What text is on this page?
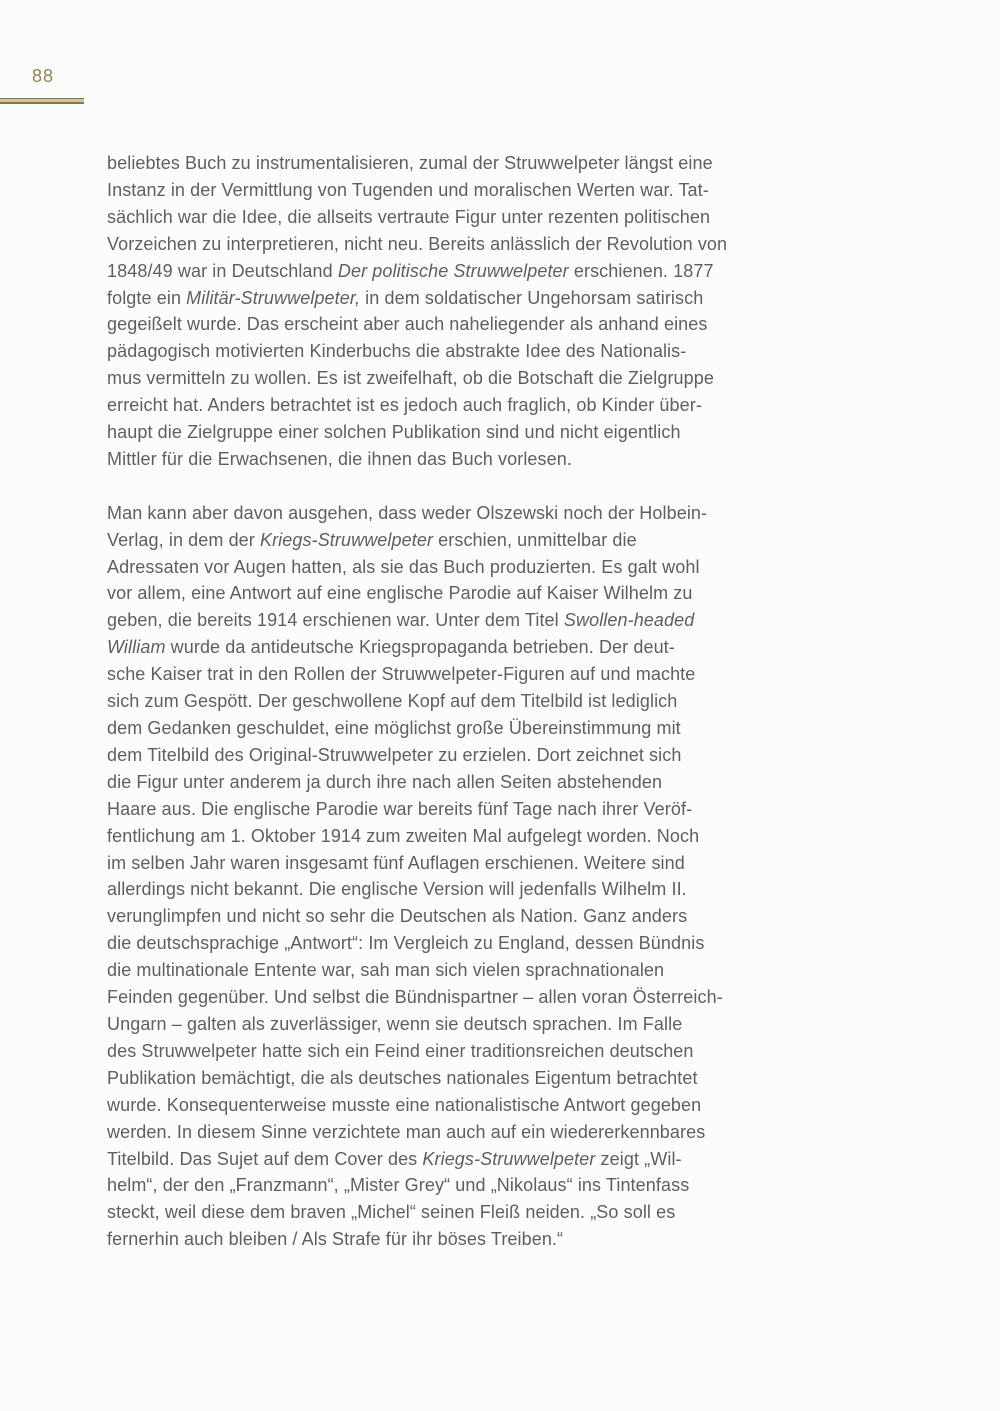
88
beliebtes Buch zu instrumentalisieren, zumal der Struwwelpeter längst eine
Instanz in der Vermittlung von Tugenden und moralischen Werten war. Tat-
sächlich war die Idee, die allseits vertraute Figur unter rezenten politischen
Vorzeichen zu interpretieren, nicht neu. Bereits anlässlich der Revolution von
1848/49 war in Deutschland Der politische Struwwelpeter erschienen. 1877
folgte ein Militär-Struwwelpeter, in dem soldatischer Ungehorsam satirisch
gegeißelt wurde. Das erscheint aber auch naheliegender als anhand eines
pädagogisch motivierten Kinderbuchs die abstrakte Idee des Nationalis-
mus vermitteln zu wollen. Es ist zweifelhaft, ob die Botschaft die Zielgruppe
erreicht hat. Anders betrachtet ist es jedoch auch fraglich, ob Kinder über-
haupt die Zielgruppe einer solchen Publikation sind und nicht eigentlich
Mittler für die Erwachsenen, die ihnen das Buch vorlesen.
Man kann aber davon ausgehen, dass weder Olszewski noch der Holbein-
Verlag, in dem der Kriegs-Struwwelpeter erschien, unmittelbar die
Adressaten vor Augen hatten, als sie das Buch produzierten. Es galt wohl
vor allem, eine Antwort auf eine englische Parodie auf Kaiser Wilhelm zu
geben, die bereits 1914 erschienen war. Unter dem Titel Swollen-headed
William wurde da antideutsche Kriegspropaganda betrieben. Der deut-
sche Kaiser trat in den Rollen der Struwwelpeter-Figuren auf und machte
sich zum Gespött. Der geschwollene Kopf auf dem Titelbild ist lediglich
dem Gedanken geschuldet, eine möglichst große Übereinstimmung mit
dem Titelbild des Original-Struwwelpeter zu erzielen. Dort zeichnet sich
die Figur unter anderem ja durch ihre nach allen Seiten abstehenden
Haare aus. Die englische Parodie war bereits fünf Tage nach ihrer Veröf-
fentlichung am 1. Oktober 1914 zum zweiten Mal aufgelegt worden. Noch
im selben Jahr waren insgesamt fünf Auflagen erschienen. Weitere sind
allerdings nicht bekannt. Die englische Version will jedenfalls Wilhelm II.
verunglimpfen und nicht so sehr die Deutschen als Nation. Ganz anders
die deutschsprachige „Antwort“: Im Vergleich zu England, dessen Bündnis
die multinationale Entente war, sah man sich vielen sprachnationalen
Feinden gegenüber. Und selbst die Bündnispartner – allen voran Österreich-
Ungarn – galten als zuverlässiger, wenn sie deutsch sprachen. Im Falle
des Struwwelpeter hatte sich ein Feind einer traditionsreichen deutschen
Publikation bemächtigt, die als deutsches nationales Eigentum betrachtet
wurde. Konsequenterweise musste eine nationalistische Antwort gegeben
werden. In diesem Sinne verzichtete man auch auf ein wiedererkennbares
Titelbild. Das Sujet auf dem Cover des Kriegs-Struwwelpeter zeigt „Wil-
helm“, der den „Franzmann“, „Mister Grey“ und „Nikolaus“ ins Tintenfass
steckt, weil diese dem braven „Michel“ seinen Fleiß neiden. „So soll es
fernerhin auch bleiben / Als Strafe für ihr böses Treiben.“
